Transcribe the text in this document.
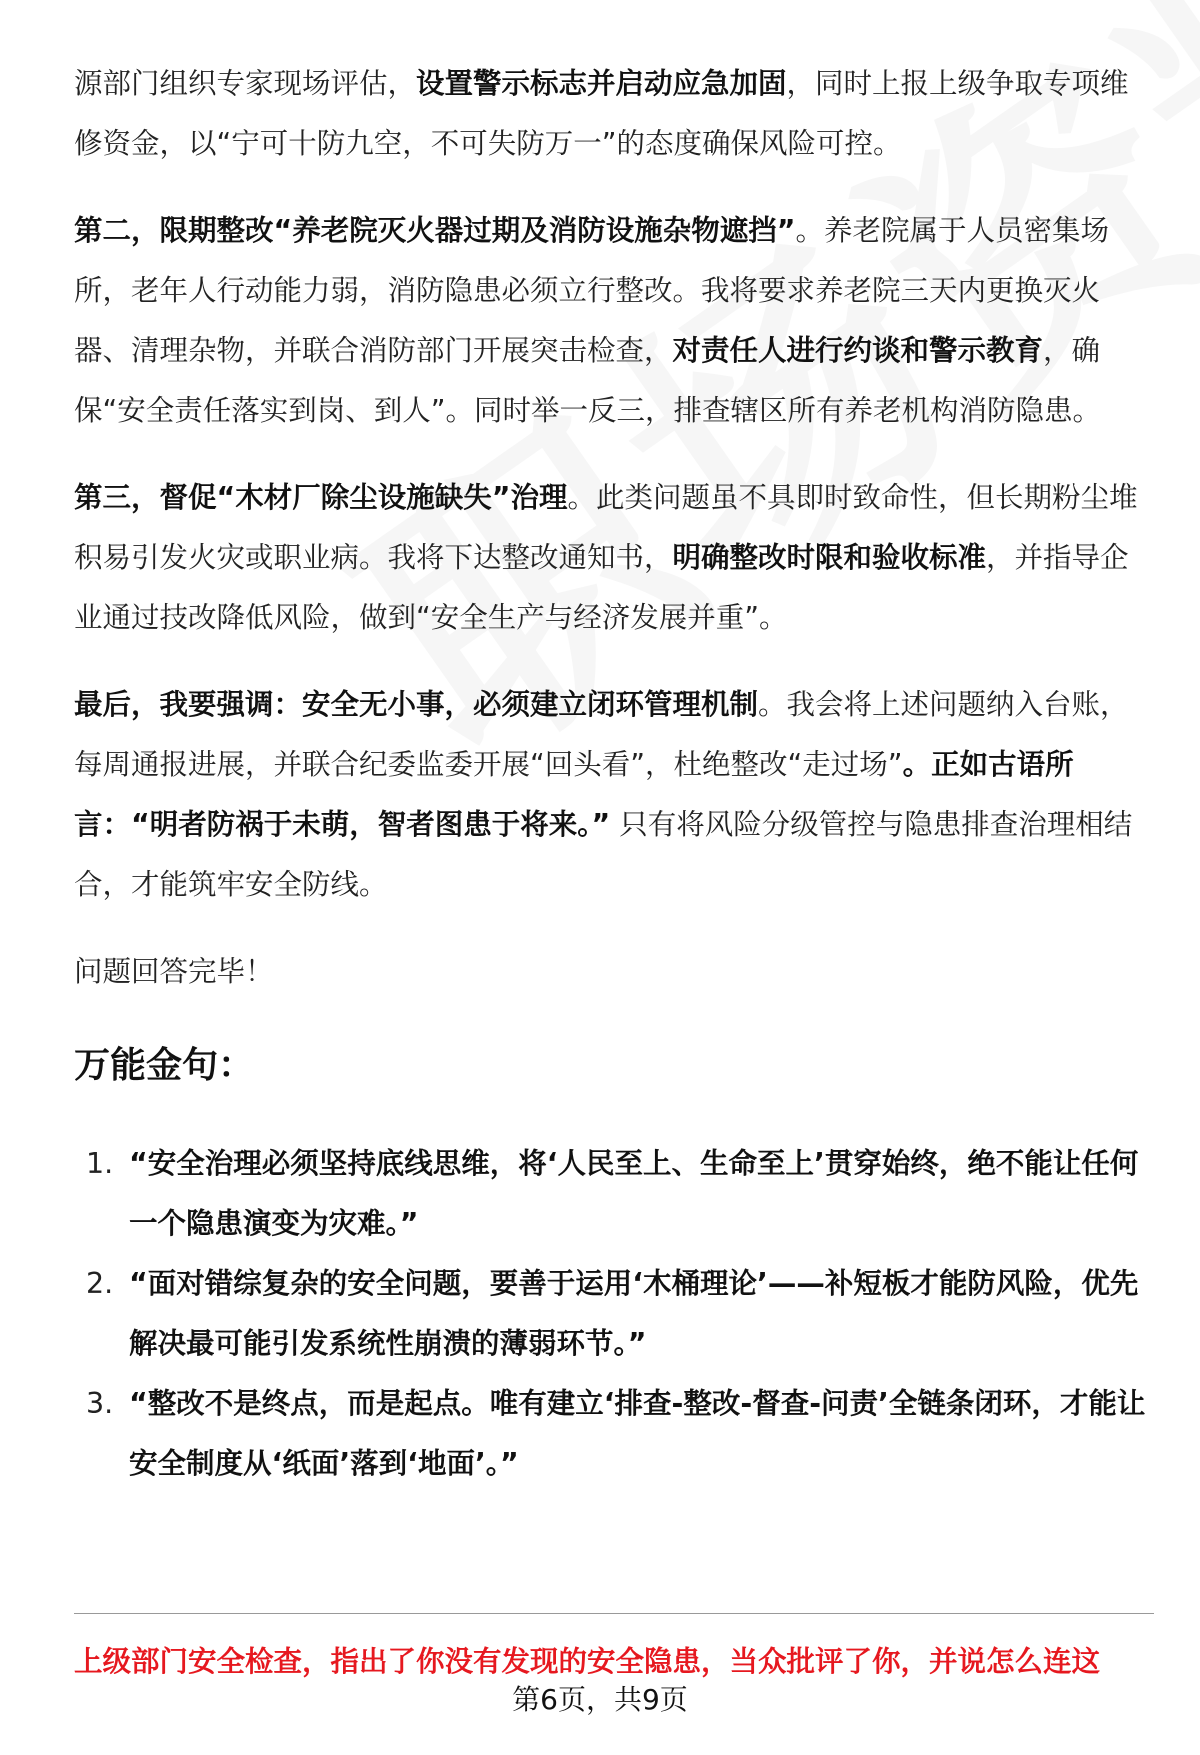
源部门组织专家现场评估，设置警示标志并启动应急加固，同时上报上级争取专项维修资金，以“宁可十防九空，不可失防万一”的态度确保风险可控。

第二，限期整改“养老院灭火器过期及消防设施杂物遮挡”。养老院属于人员密集场所，老年人行动能力弱，消防隐患必须立行整改。我将要求养老院三天内更换灭火器、清理杂物，并联合消防部门开展突击检查，对责任人进行约谈和警示教育，确保“安全责任落实到岗、到人”。同时举一反三，排查辖区所有养老机构消防隐患。

第三，督促“木材厂除尘设施缺失”治理。此类问题虽不具即时致命性，但长期粉尘堆积易引发火灾或职业病。我将下达整改通知书，明确整改时限和验收标准，并指导企业通过技改降低风险，做到“安全生产与经济发展并重”。

最后，我要强调：安全无小事，必须建立闭环管理机制。我会将上述问题纳入台账，每周通报进展，并联合纪委监委开展“回头看”，杜绝整改“走过场”。正如古语所言：“明者防祸于未萌，智者图患于将来。” 只有将风险分级管控与隐患排查治理相结合，才能筑牢安全防线。

问题回答完毕！

万能金句：
1. “安全治理必须坚持底线思维，将‘人民至上、生命至上’贯穿始终，绝不能让任何一个隐患演变为灾难。”
2. “面对错综复杂的安全问题，要善于运用‘木桶理论’——补短板才能防风险，优先解决最可能引发系统性崩溃的薄弱环节。”
3. “整改不是终点，而是起点。唯有建立‘排查-整改-督查-问责’全链条闭环，才能让安全制度从‘纸面’落到‘地面’。”
上级部门安全检查，指出了你没有发现的安全隐患，当众批评了你，并说怎么连这
第6页，共9页
